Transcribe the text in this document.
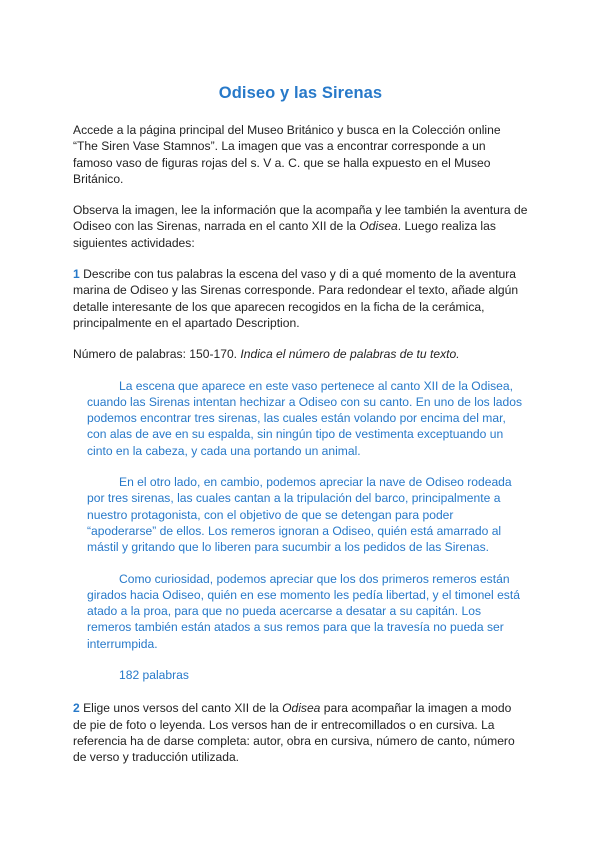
Odiseo y las Sirenas

Accede a la página principal del Museo Británico y busca en la Colección online “The Siren Vase Stamnos”. La imagen que vas a encontrar corresponde a un famoso vaso de figuras rojas del s. V a. C. que se halla expuesto en el Museo Británico.

Observa la imagen, lee la información que la acompaña y lee también la aventura de Odiseo con las Sirenas, narrada en el canto XII de la Odisea. Luego realiza las siguientes actividades:

1 Describe con tus palabras la escena del vaso y di a qué momento de la aventura marina de Odiseo y las Sirenas corresponde. Para redondear el texto, añade algún detalle interesante de los que aparecen recogidos en la ficha de la cerámica, principalmente en el apartado Description.

Número de palabras: 150-170. Indica el número de palabras de tu texto.

La escena que aparece en este vaso pertenece al canto XII de la Odisea, cuando las Sirenas intentan hechizar a Odiseo con su canto. En uno de los lados podemos encontrar tres sirenas, las cuales están volando por encima del mar, con alas de ave en su espalda, sin ningún tipo de vestimenta exceptuando un cinto en la cabeza, y cada una portando un animal.

En el otro lado, en cambio, podemos apreciar la nave de Odiseo rodeada por tres sirenas, las cuales cantan a la tripulación del barco, principalmente a nuestro protagonista, con el objetivo de que se detengan para poder “apoderarse” de ellos. Los remeros ignoran a Odiseo, quién está amarrado al mástil y gritando que lo liberen para sucumbir a los pedidos de las Sirenas.

Como curiosidad, podemos apreciar que los dos primeros remeros están girados hacia Odiseo, quién en ese momento les pedía libertad, y el timonel está atado a la proa, para que no pueda acercarse a desatar a su capitán. Los remeros también están atados a sus remos para que la travesía no pueda ser interrumpida.

182 palabras

2 Elige unos versos del canto XII de la Odisea para acompañar la imagen a modo de pie de foto o leyenda. Los versos han de ir entrecomillados o en cursiva. La referencia ha de darse completa: autor, obra en cursiva, número de canto, número de verso y traducción utilizada.
